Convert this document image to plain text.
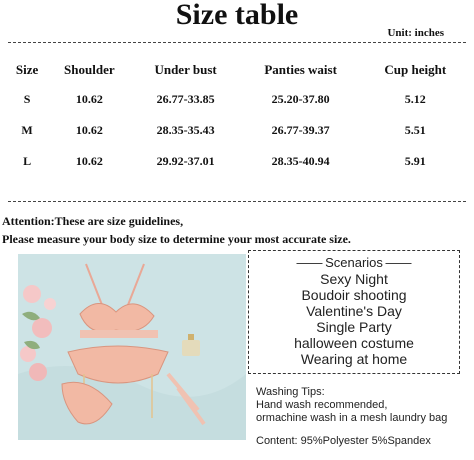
Size table
Unit: inches
Size	Shoulder	Under bust	Panties waist	Cup height
S	10.62	26.77-33.85	25.20-37.80	5.12
M	10.62	28.35-35.43	26.77-39.37	5.51
L	10.62	29.92-37.01	28.35-40.94	5.91
Attention:These are size guidelines,
Please measure your body size to determine your most accurate size.
—— Scenarios ——
Sexy Night
Boudoir shooting
Valentine's Day
Single Party
halloween costume
Wearing at home
Washing Tips:
Hand wash recommended,
ormachine wash in a mesh laundry bag
Content: 95%Polyester 5%Spandex
